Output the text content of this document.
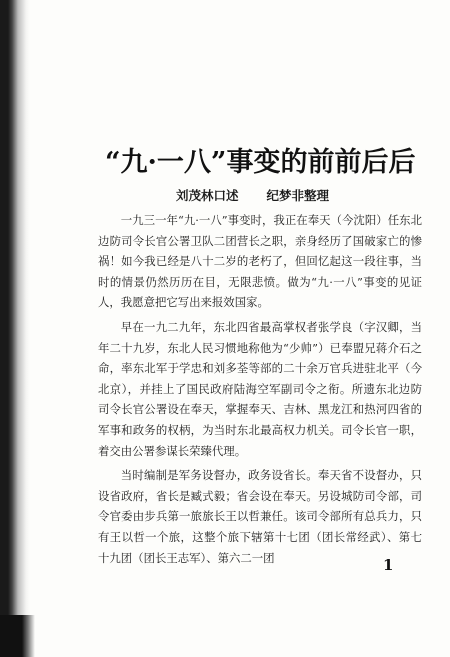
“九·一八”事变的前前后后
刘茂林口述 纪梦非整理

一九三一年“九·一八”事变时，我正在奉天（今沈阳）任东北边防司令长官公署卫队二团营长之职，亲身经历了国破家亡的惨祸！如今我已经是八十二岁的老朽了，但回忆起这一段往事，当时的情景仍然历历在目，无限悲愤。做为“九·一八”事变的见证人，我愿意把它写出来报效国家。

早在一九二九年，东北四省最高掌权者张学良（字汉卿，当年二十九岁，东北人民习惯地称他为“少帅”）已奉盟兄蒋介石之命，率东北军于学忠和刘多荃等部的二十余万官兵进驻北平（今北京），并挂上了国民政府陆海空军副司令之衔。所遗东北边防司令长官公署设在奉天，掌握奉天、吉林、黑龙江和热河四省的军事和政务的权柄，为当时东北最高权力机关。司令长官一职，着交由公署参谋长荣臻代理。

当时编制是军务设督办，政务设省长。奉天省不设督办，只设省政府，省长是臧式毅；省会设在奉天。另设城防司令部，司令官委由步兵第一旅旅长王以哲兼任。该司令部所有总兵力，只有王以哲一个旅，这整个旅下辖第十七团（团长常经武）、第七十九团（团长王志军）、第六二一团	1
